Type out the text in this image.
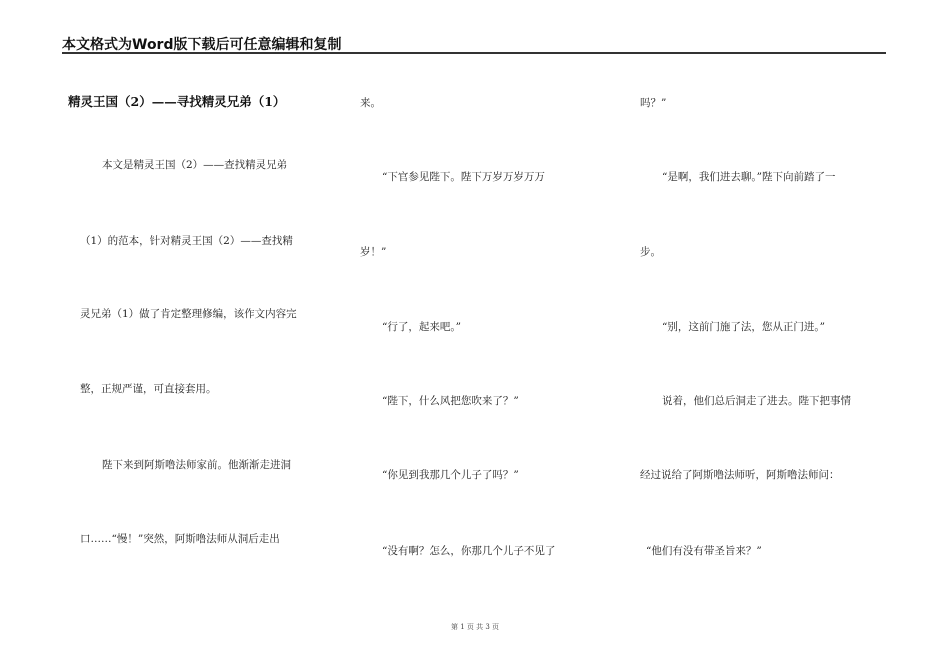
本文格式为Word版下载后可任意编辑和复制
精灵王国（2）——寻找精灵兄弟（1）
本文是精灵王国（2）——查找精灵兄弟
（1）的范本，针对精灵王国（2）——查找精
灵兄弟（1）做了肯定整理修编，该作文内容完
整，正规严谨，可直接套用。
陛下来到阿斯噜法师家前。他渐渐走进洞
口……“慢！”突然，阿斯噜法师从洞后走出
来。
“下官参见陛下。陛下万岁万岁万万
岁！”
“行了，起来吧。”
“陛下，什么风把您吹来了？”
“你见到我那几个儿子了吗？”
“没有啊？怎么，你那几个儿子不见了
吗？”
“是啊，我们进去聊。”陛下向前踏了一
步。
“别，这前门施了法，您从正门进。”
说着，他们总后洞走了进去。陛下把事情
经过说给了阿斯噜法师听，阿斯噜法师问：
“他们有没有带圣旨来？”
第 1 页 共 3 页
